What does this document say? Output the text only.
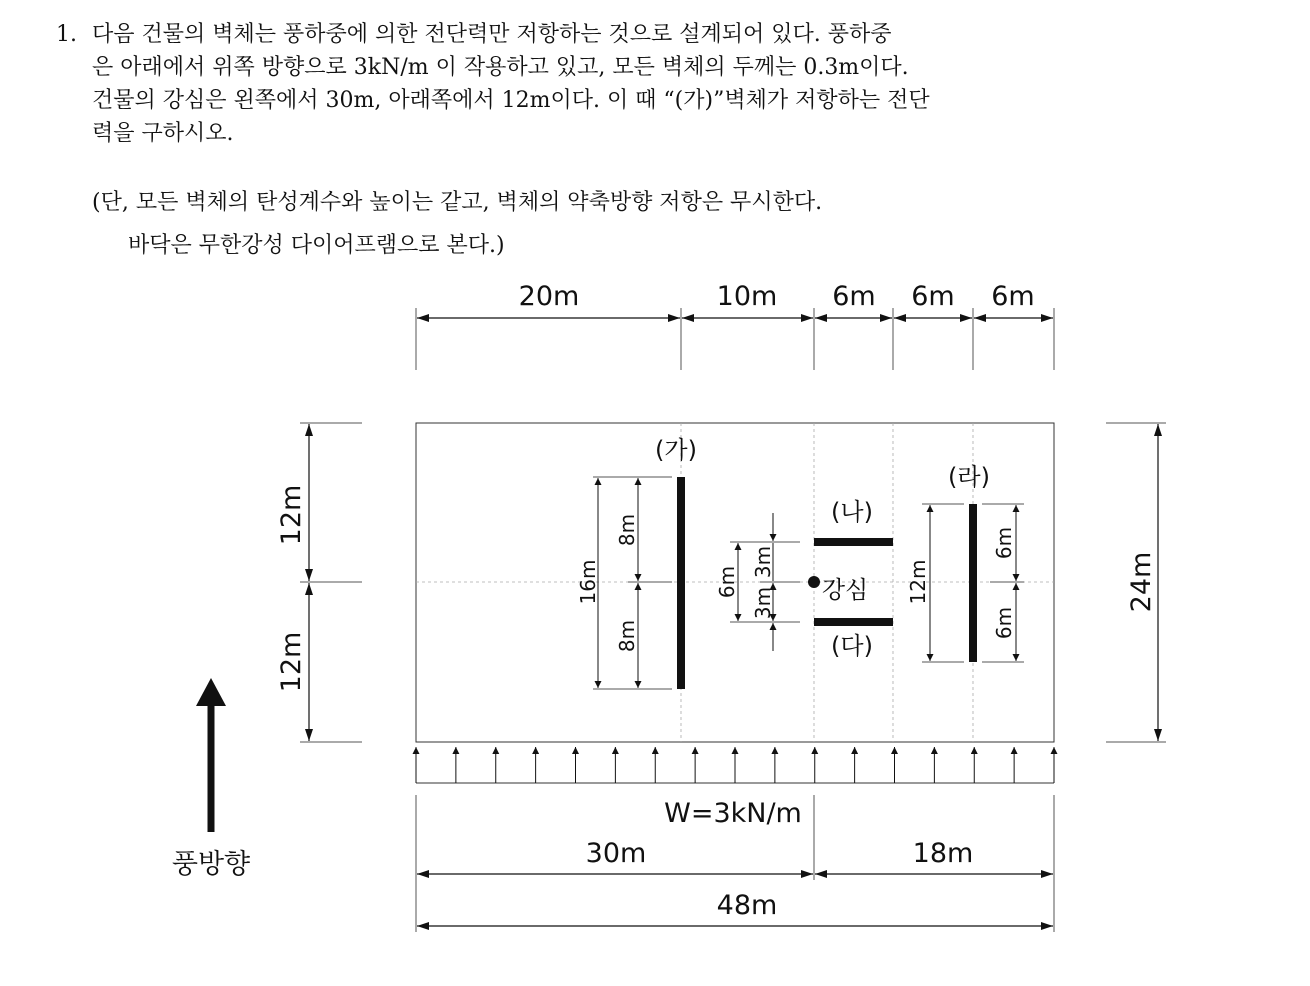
1. 다음 건물의 벽체는 풍하중에 의한 전단력만 저항하는 것으로 설계되어 있다. 풍하중
은 아래에서 위쪽 방향으로 3kN/m 이 작용하고 있고, 모든 벽체의 두께는 0.3m이다.
건물의 강심은 왼쪽에서 30m, 아래쪽에서 12m이다. 이 때 “(가)”벽체가 저항하는 전단
력을 구하시오.
(단, 모든 벽체의 탄성계수와 높이는 같고, 벽체의 약축방향 저항은 무시한다.
바닥은 무한강성 다이어프램으로 본다.)
20m	10m 6m 6m 6m
12m
12m
24m
(가)
16m
8m
8m
(나)
(다)
6m
3m
3m 강심
(라)
12m
6m
6m
W=3kN/m
풍방향	30m	18m
48m
